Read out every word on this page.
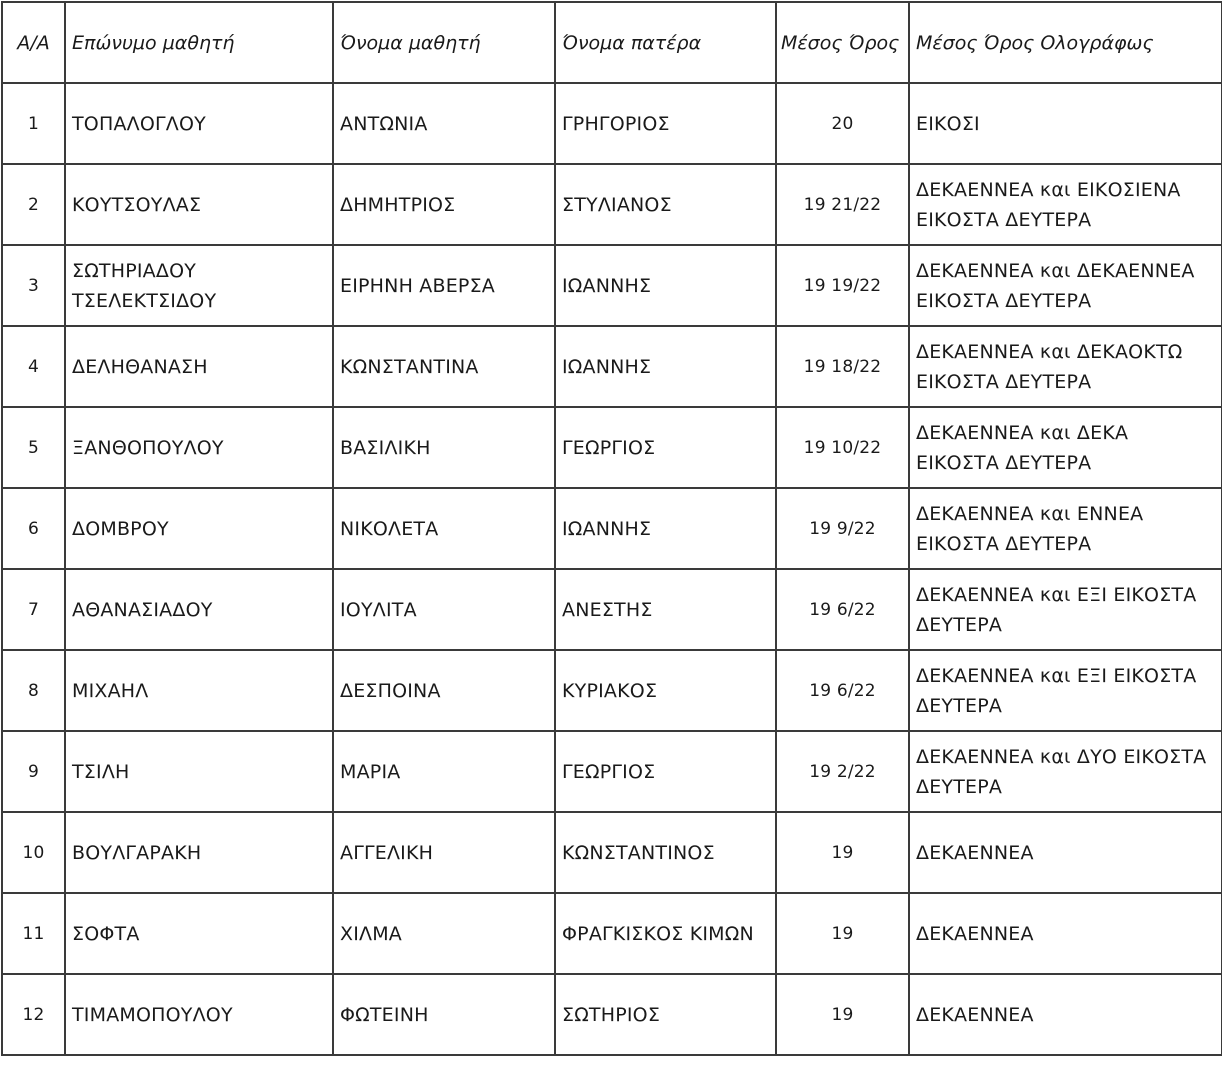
Α/Α	Επώνυμο μαθητή	Όνομα μαθητή	Όνομα πατέρα	Μέσος Όρος	Μέσος Όρος Ολογράφως
1	ΤΟΠΑΛΟΓΛΟΥ	ΑΝΤΩΝΙΑ	ΓΡΗΓΟΡΙΟΣ	20	ΕΙΚΟΣΙ
2	ΚΟΥΤΣΟΥΛΑΣ	ΔΗΜΗΤΡΙΟΣ	ΣΤΥΛΙΑΝΟΣ	19 21/22	ΔΕΚΑΕΝΝΕΑ και ΕΙΚΟΣΙΕΝΑ ΕΙΚΟΣΤΑ ΔΕΥΤΕΡΑ
3	ΣΩΤΗΡΙΑΔΟΥ ΤΣΕΛΕΚΤΣΙΔΟΥ	ΕΙΡΗΝΗ ΑΒΕΡΣΑ	ΙΩΑΝΝΗΣ	19 19/22	ΔΕΚΑΕΝΝΕΑ και ΔΕΚΑΕΝΝΕΑ ΕΙΚΟΣΤΑ ΔΕΥΤΕΡΑ
4	ΔΕΛΗΘΑΝΑΣΗ	ΚΩΝΣΤΑΝΤΙΝΑ	ΙΩΑΝΝΗΣ	19 18/22	ΔΕΚΑΕΝΝΕΑ και ΔΕΚΑΟΚΤΩ ΕΙΚΟΣΤΑ ΔΕΥΤΕΡΑ
5	ΞΑΝΘΟΠΟΥΛΟΥ	ΒΑΣΙΛΙΚΗ	ΓΕΩΡΓΙΟΣ	19 10/22	ΔΕΚΑΕΝΝΕΑ και ΔΕΚΑ ΕΙΚΟΣΤΑ ΔΕΥΤΕΡΑ
6	ΔΟΜΒΡΟΥ	ΝΙΚΟΛΕΤΑ	ΙΩΑΝΝΗΣ	19 9/22	ΔΕΚΑΕΝΝΕΑ και ΕΝΝΕΑ ΕΙΚΟΣΤΑ ΔΕΥΤΕΡΑ
7	ΑΘΑΝΑΣΙΑΔΟΥ	ΙΟΥΛΙΤΑ	ΑΝΕΣΤΗΣ	19 6/22	ΔΕΚΑΕΝΝΕΑ και ΕΞΙ ΕΙΚΟΣΤΑ ΔΕΥΤΕΡΑ
8	ΜΙΧΑΗΛ	ΔΕΣΠΟΙΝΑ	ΚΥΡΙΑΚΟΣ	19 6/22	ΔΕΚΑΕΝΝΕΑ και ΕΞΙ ΕΙΚΟΣΤΑ ΔΕΥΤΕΡΑ
9	ΤΣΙΛΗ	ΜΑΡΙΑ	ΓΕΩΡΓΙΟΣ	19 2/22	ΔΕΚΑΕΝΝΕΑ και ΔΥΟ ΕΙΚΟΣΤΑ ΔΕΥΤΕΡΑ
10	ΒΟΥΛΓΑΡΑΚΗ	ΑΓΓΕΛΙΚΗ	ΚΩΝΣΤΑΝΤΙΝΟΣ	19	ΔΕΚΑΕΝΝΕΑ
11	ΣΟΦΤΑ	ΧΙΛΜΑ	ΦΡΑΓΚΙΣΚΟΣ ΚΙΜΩΝ	19	ΔΕΚΑΕΝΝΕΑ
12	ΤΙΜΑΜΟΠΟΥΛΟΥ	ΦΩΤΕΙΝΗ	ΣΩΤΗΡΙΟΣ	19	ΔΕΚΑΕΝΝΕΑ
